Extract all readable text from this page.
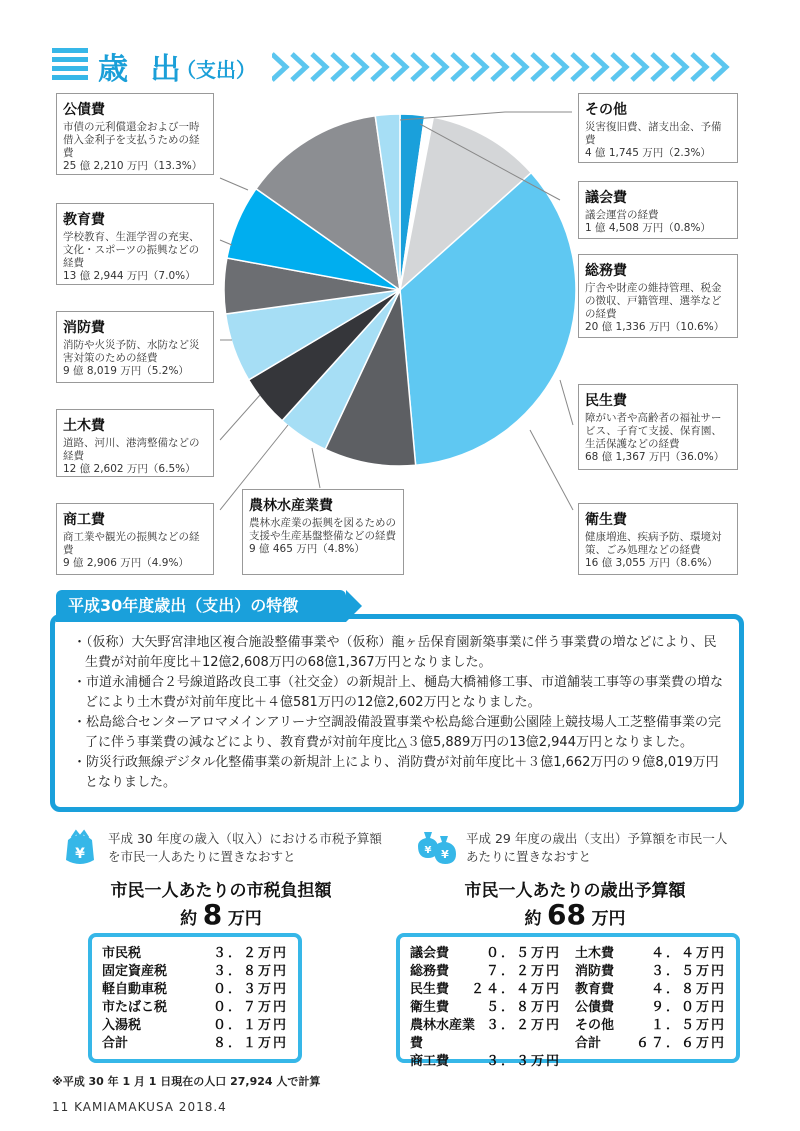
歳 出
（支出）
公債費
市債の元利償還金および一時借入金利子を支払うための経費
25 億 2,210 万円（13.3%）
教育費
学校教育、生涯学習の充実、文化・スポーツの振興などの経費
13 億 2,944 万円（7.0%）
消防費
消防や火災予防、水防など災害対策のための経費
9 億 8,019 万円（5.2%）
土木費
道路、河川、港湾整備などの経費
12 億 2,602 万円（6.5%）
商工費
商工業や観光の振興などの経費
9 億 2,906 万円（4.9%）
農林水産業費
農林水産業の振興を図るための支援や生産基盤整備などの経費
9 億 465 万円（4.8%）
その他
災害復旧費、諸支出金、予備費
4 億 1,745 万円（2.3%）
議会費
議会運営の経費
1 億 4,508 万円（0.8%）
総務費
庁舎や財産の維持管理、税金の徴収、戸籍管理、選挙などの経費
20 億 1,336 万円（10.6%）
民生費
障がい者や高齢者の福祉サービス、子育て支援、保育園、生活保護などの経費
68 億 1,367 万円（36.0%）
衛生費
健康増進、疾病予防、環境対策、ごみ処理などの経費
16 億 3,055 万円（8.6%）
・（仮称）大矢野宮津地区複合施設整備事業や（仮称）龍ヶ岳保育園新築事業に伴う事業費の増などにより、民生費が対前年度比＋12億2,608万円の68億1,367万円となりました。
・市道永浦樋合２号線道路改良工事（社交金）の新規計上、樋島大橋補修工事、市道舗装工事等の事業費の増などにより土木費が対前年度比＋４億581万円の12億2,602万円となりました。
・松島総合センターアロマメインアリーナ空調設備設置事業や松島総合運動公園陸上競技場人工芝整備事業の完了に伴う事業費の減などにより、教育費が対前年度比△３億5,889万円の13億2,944万円となりました。
・防災行政無線デジタル化整備事業の新規計上により、消防費が対前年度比＋３億1,662万円の９億8,019万円となりました。
平成30年度歳出（支出）の特徴
¥
平成 30 年度の歳入（収入）における市税予算額を市民一人あたりに置きなおすと
市民一人あたりの市税負担額
約 8 万円
市民税	３．２万円
固定資産税	３．８万円
軽自動車税	０．３万円
市たばこ税	０．７万円
入湯税	０．１万円
合計	８．１万円
¥ ¥
平成 29 年度の歳出（支出）予算額を市民一人あたりに置きなおすと
市民一人あたりの歳出予算額
約 68 万円
議会費	０．５万円
総務費	７．２万円
民生費	２４．４万円
衛生費	５．８万円
農林水産業費
３．２万円
商工費	３．３万円
土木費	４．４万円
消防費	３．５万円
教育費	４．８万円
公債費	９．０万円
その他	１．５万円
合計	６７．６万円
※平成 30 年 1 月 1 日現在の人口 27,924 人で計算
11 KAMIAMAKUSA 2018.4
